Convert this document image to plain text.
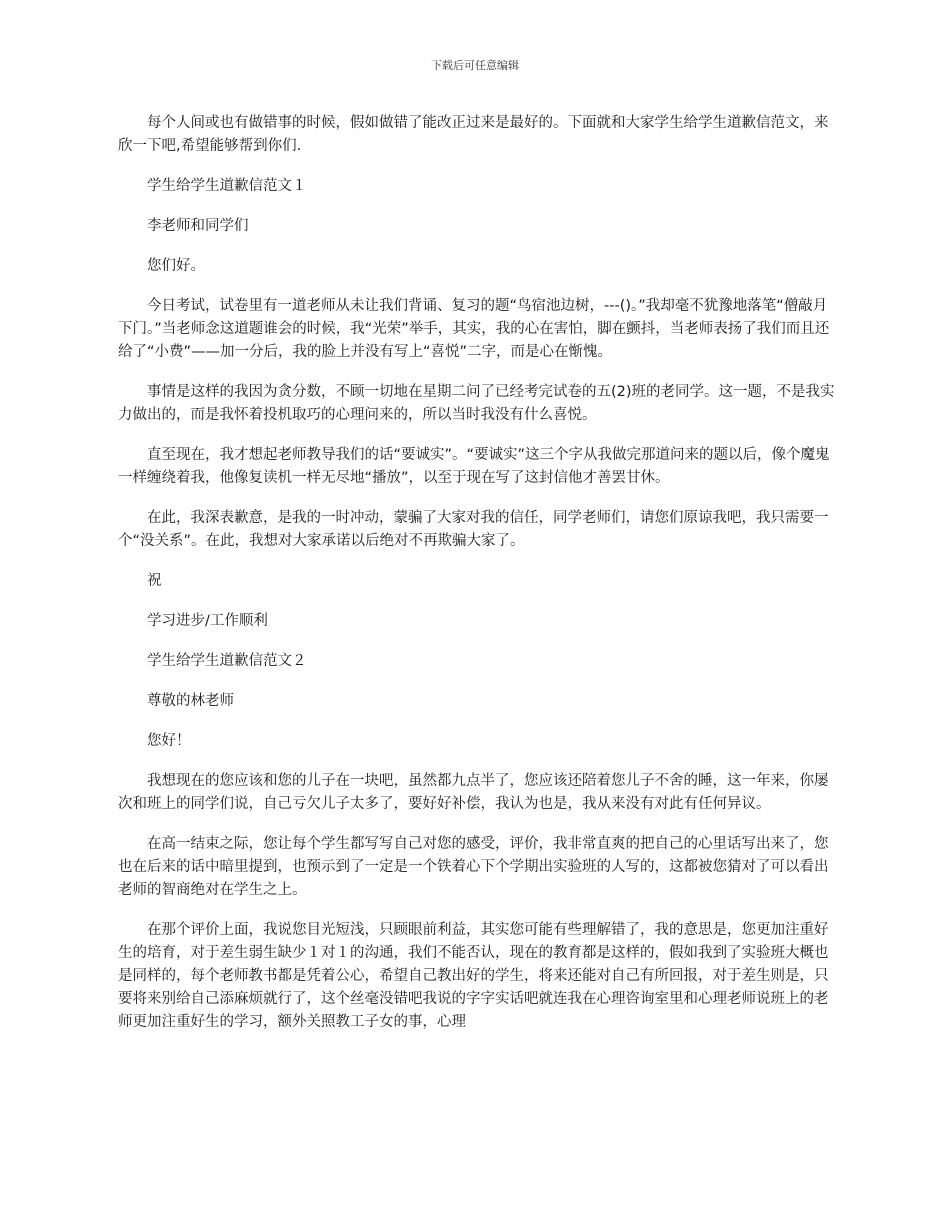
下载后可任意编辑

每个人间或也有做错事的时候，假如做错了能改正过来是最好的。下面就和大家学生给学生道歉信范文，来欣一下吧,希望能够帮到你们.

学生给学生道歉信范文１

李老师和同学们

您们好。

今日考试，试卷里有一道老师从未让我们背诵、复习的题“鸟宿池边树，---()。”我却毫不犹豫地落笔“僧敲月下门。”当老师念这道题谁会的时候，我“光荣”举手，其实，我的心在害怕，脚在颤抖，当老师表扬了我们而且还给了“小费”——加一分后，我的脸上并没有写上“喜悦”二字，而是心在惭愧。

事情是这样的我因为贪分数，不顾一切地在星期二问了已经考完试卷的五(2)班的老同学。这一题，不是我实力做出的，而是我怀着投机取巧的心理问来的，所以当时我没有什么喜悦。

直至现在，我才想起老师教导我们的话“要诚实”。“要诚实”这三个字从我做完那道问来的题以后，像个魔鬼一样缠绕着我，他像复读机一样无尽地“播放”，以至于现在写了这封信他才善罢甘休。

在此，我深表歉意，是我的一时冲动，蒙骗了大家对我的信任，同学老师们，请您们原谅我吧，我只需要一个“没关系”。在此，我想对大家承诺以后绝对不再欺骗大家了。

祝

学习进步/工作顺利

学生给学生道歉信范文２

尊敬的林老师

您好！

我想现在的您应该和您的儿子在一块吧，虽然都九点半了，您应该还陪着您儿子不舍的睡，这一年来，你屡次和班上的同学们说，自己亏欠儿子太多了，要好好补偿，我认为也是，我从来没有对此有任何异议。

在高一结束之际，您让每个学生都写写自己对您的感受，评价，我非常直爽的把自己的心里话写出来了，您也在后来的话中暗里提到，也预示到了一定是一个铁着心下个学期出实验班的人写的，这都被您猜对了可以看出老师的智商绝对在学生之上。

在那个评价上面，我说您目光短浅，只顾眼前利益，其实您可能有些理解错了，我的意思是，您更加注重好生的培育，对于差生弱生缺少１对１的沟通，我们不能否认，现在的教育都是这样的，假如我到了实验班大概也是同样的，每个老师教书都是凭着公心，希望自己教出好的学生，将来还能对自己有所回报，对于差生则是，只要将来别给自己添麻烦就行了，这个丝毫没错吧我说的字字实话吧就连我在心理咨询室里和心理老师说班上的老师更加注重好生的学习，额外关照教工子女的事，心理
